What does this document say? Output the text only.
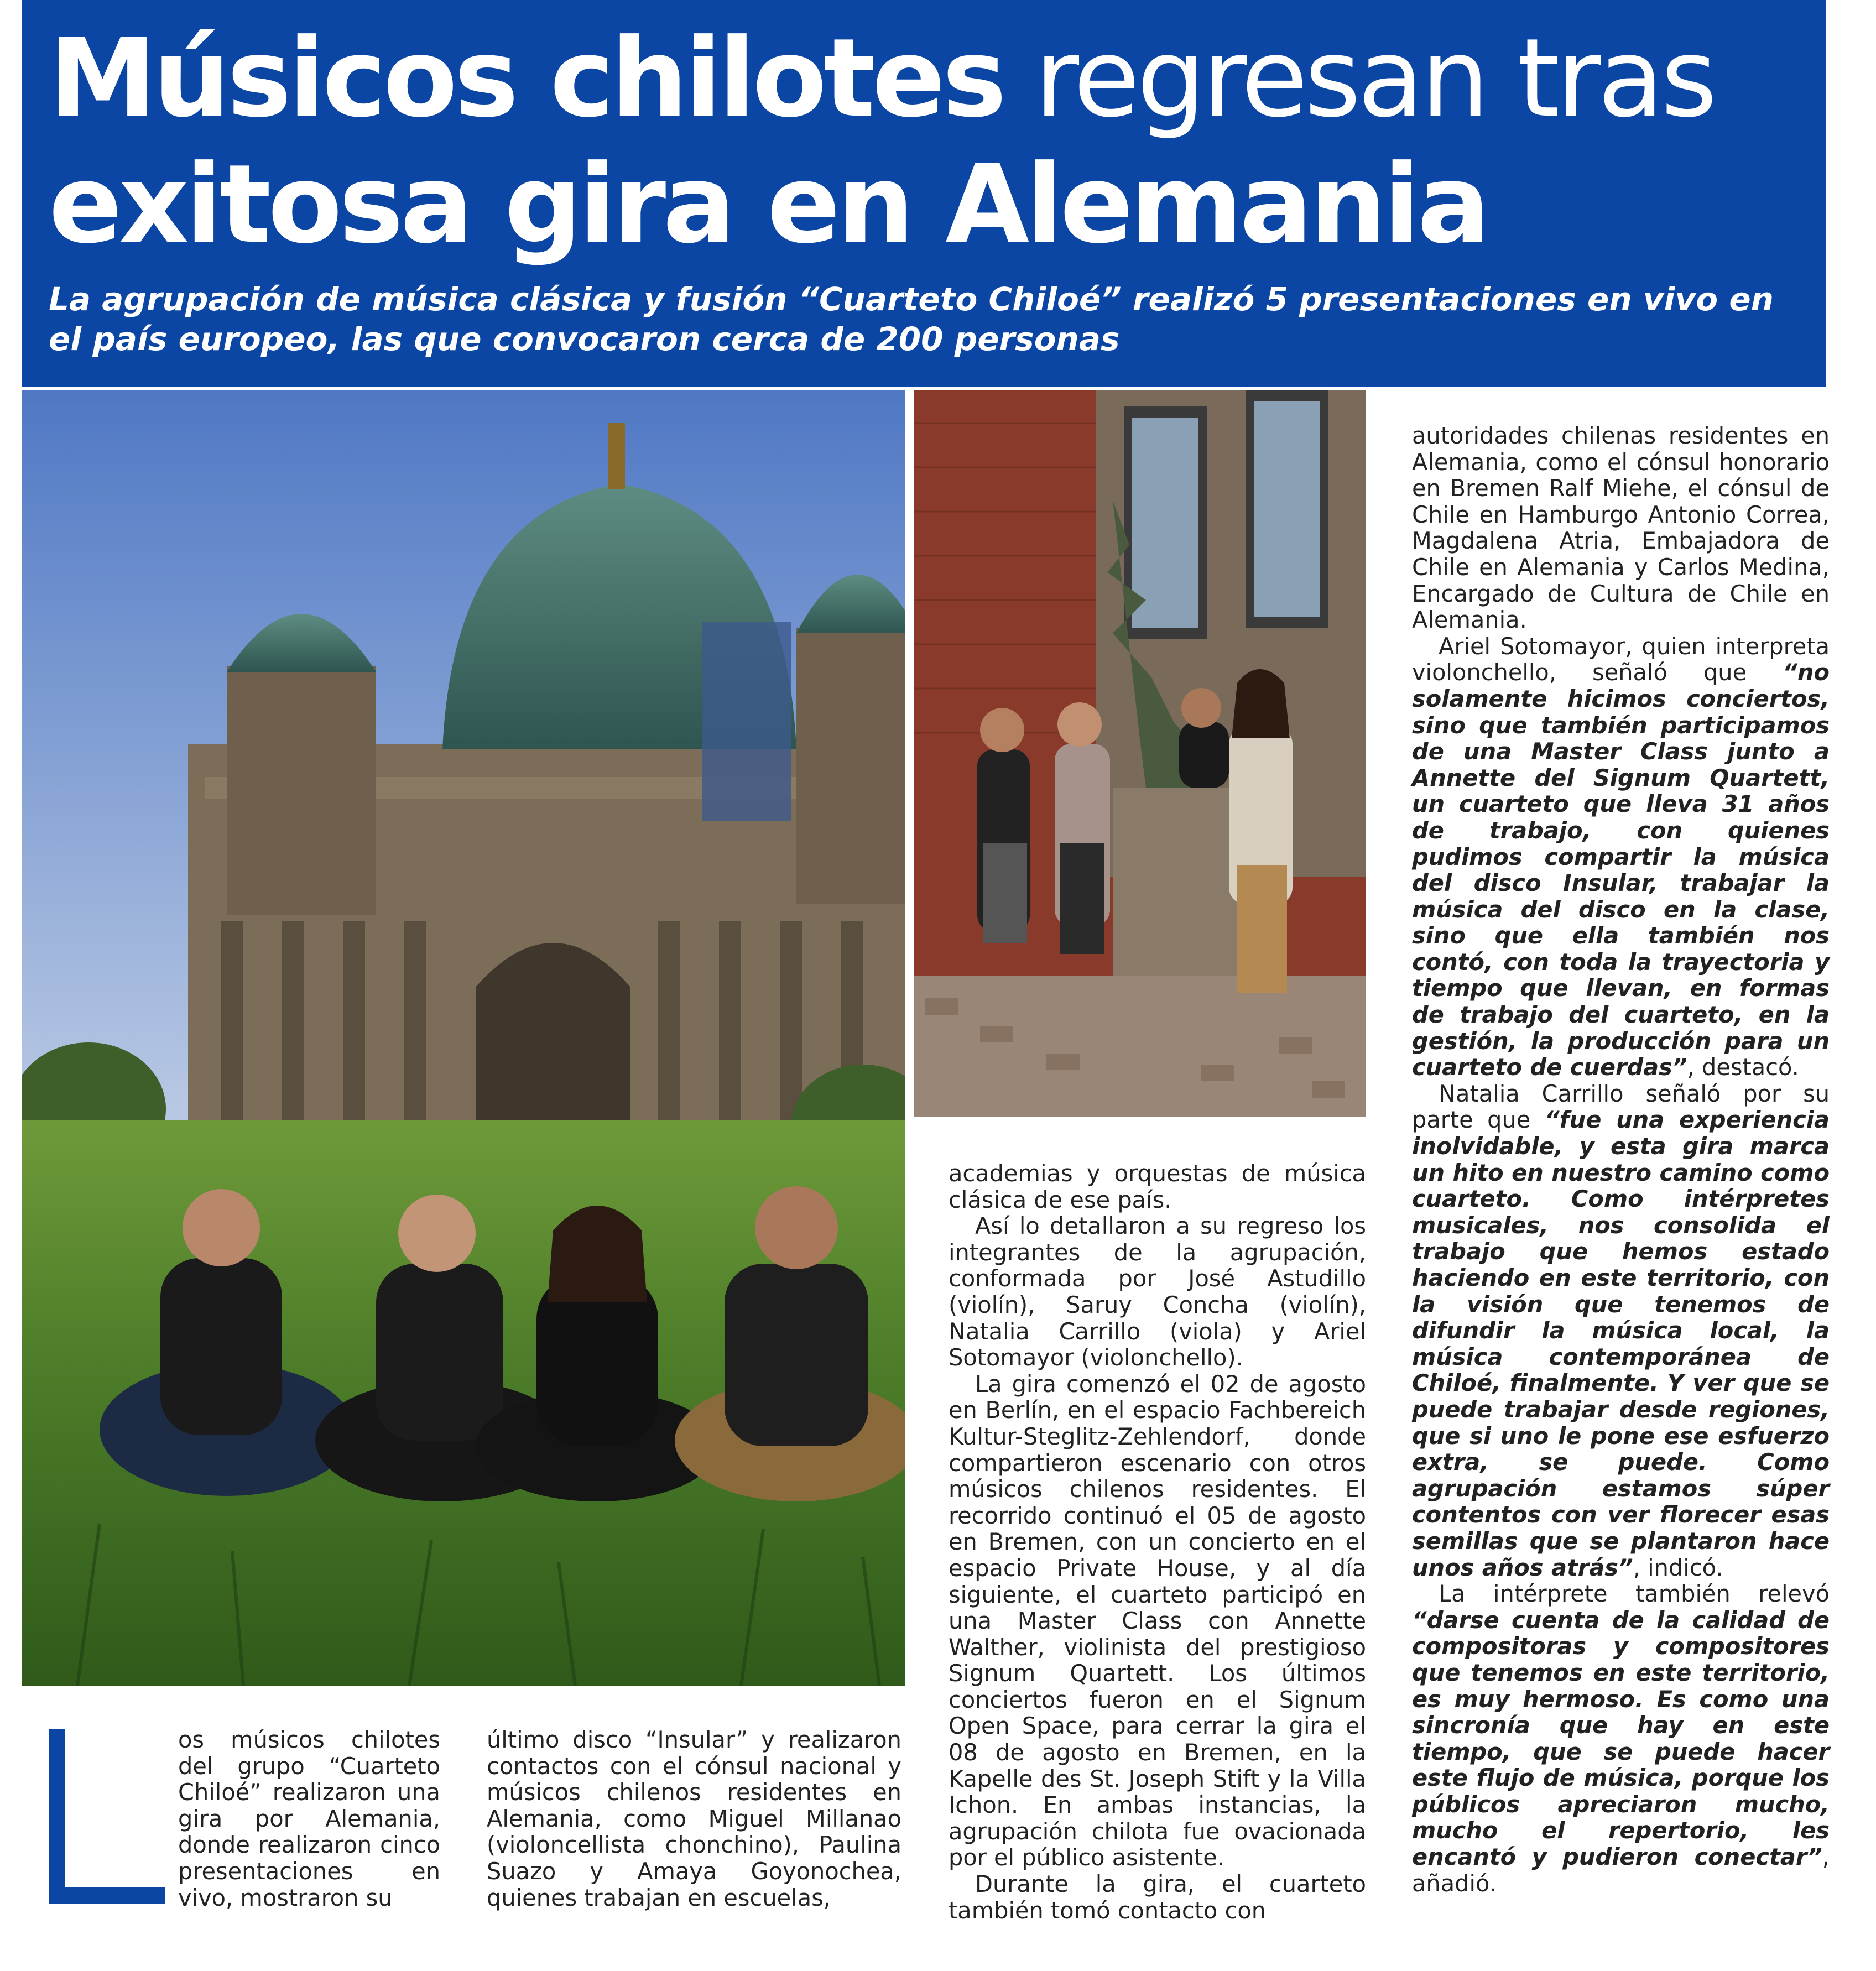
Músicos chilotes regresan tras
exitosa gira en Alemania

La agrupación de música clásica y fusión “Cuarteto Chiloé” realizó 5 presentaciones en vivo en el país europeo, las que convocaron cerca de 200 personas

os músicos chilotes del grupo “Cuarteto Chiloé” realizaron una gira por Alemania, donde realizaron cinco presentaciones en vivo, mostraron su

último disco “Insular” y realizaron contactos con el cónsul nacional y músicos chilenos residentes en Alemania, como Miguel Millanao (violoncellista chonchino), Paulina Suazo y Amaya Goyonochea, quienes trabajan en escuelas,

academias y orquestas de música clásica de ese país.

Así lo detallaron a su regreso los integrantes de la agrupación, conformada por José Astudillo (violín), Saruy Concha (violín), Natalia Carrillo (viola) y Ariel Sotomayor (violonchello).

La gira comenzó el 02 de agosto en Berlín, en el espacio Fachbereich Kultur-Steglitz-Zehlendorf, donde compartieron escenario con otros músicos chilenos residentes. El recorrido continuó el 05 de agosto en Bremen, con un concierto en el espacio Private House, y al día siguiente, el cuarteto participó en una Master Class con Annette Walther, violinista del prestigioso Signum Quartett. Los últimos conciertos fueron en el Signum Open Space, para cerrar la gira el 08 de agosto en Bremen, en la Kapelle des St. Joseph Stift y la Villa Ichon. En ambas instancias, la agrupación chilota fue ovacionada por el público asistente.

Durante la gira, el cuarteto también tomó contacto con

autoridades chilenas residentes en Alemania, como el cónsul honorario en Bremen Ralf Miehe, el cónsul de Chile en Hamburgo Antonio Correa, Magdalena Atria, Embajadora de Chile en Alemania y Carlos Medina, Encargado de Cultura de Chile en Alemania.

Ariel Sotomayor, quien interpreta violonchello, señaló que “no solamente hicimos conciertos, sino que también participamos de una Master Class junto a Annette del Signum Quartett, un cuarteto que lleva 31 años de trabajo, con quienes pudimos compartir la música del disco Insular, trabajar la música del disco en la clase, sino que ella también nos contó, con toda la trayectoria y tiempo que llevan, en formas de trabajo del cuarteto, en la gestión, la producción para un cuarteto de cuerdas”, destacó.

Natalia Carrillo señaló por su parte que “fue una experiencia inolvidable, y esta gira marca un hito en nuestro camino como cuarteto. Como intérpretes musicales, nos consolida el trabajo que hemos estado haciendo en este territorio, con la visión que tenemos de difundir la música local, la música contemporánea de Chiloé, finalmente. Y ver que se puede trabajar desde regiones, que si uno le pone ese esfuerzo extra, se puede. Como agrupación estamos súper contentos con ver florecer esas semillas que se plantaron hace unos años atrás”, indicó.

La intérprete también relevó “darse cuenta de la calidad de compositoras y compositores que tenemos en este territorio, es muy hermoso. Es como una sincronía que hay en este tiempo, que se puede hacer este flujo de música, porque los públicos apreciaron mucho, mucho el repertorio, les encantó y pudieron conectar”, añadió.
